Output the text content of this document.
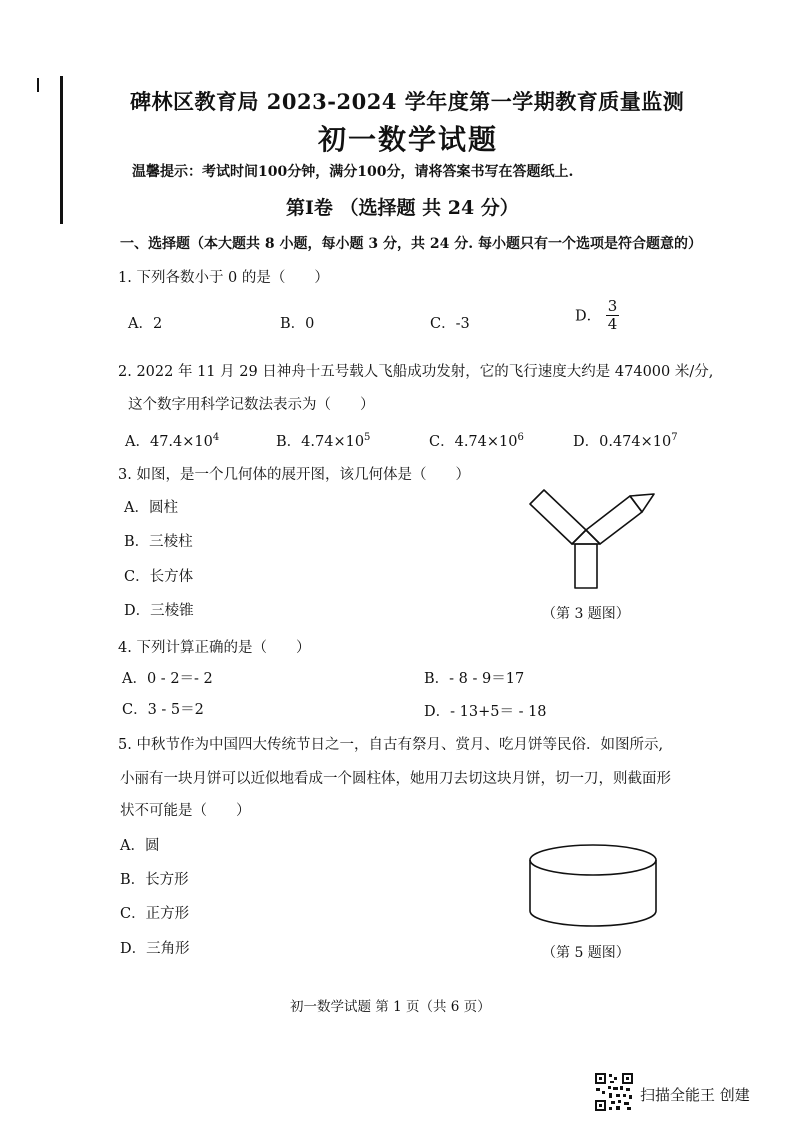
碑林区教育局 2023-2024 学年度第一学期教育质量监测
初一数学试题
温馨提示：考试时间100分钟，满分100分，请将答案书写在答题纸上.
第Ⅰ卷 （选择题 共 24 分）
一、选择题（本大题共 8 小题，每小题 3 分，共 24 分. 每小题只有一个选项是符合题意的）
1. 下列各数小于 0 的是（　　）
A．2	B．0	C．-3	D． $\frac{3}{4}$
2. 2022 年 11 月 29 日神舟十五号载人飞船成功发射，它的飞行速度大约是 474000 米/分,
这个数字用科学记数法表示为（　　）
A．$47.4\times 10^4$	B．$4.74\times 10^5$	C．$4.74\times 10^6$	D．$0.474\times 10^7$
3. 如图，是一个几何体的展开图，该几何体是（　　）
A．圆柱
B．三棱柱
C．长方体
D．三棱锥	（第 3 题图）
4. 下列计算正确的是（　　）
A．0 - 2＝- 2	B．- 8 - 9＝17
C．3 - 5＝2	D．- 13+5＝ - 18
5. 中秋节作为中国四大传统节日之一，自古有祭月、赏月、吃月饼等民俗．如图所示,
小丽有一块月饼可以近似地看成一个圆柱体，她用刀去切这块月饼，切一刀，则截面形
状不可能是（　　）
A．圆
B．长方形
C．正方形
D．三角形	（第 5 题图）
初一数学试题 第 1 页（共 6 页）
扫描全能王 创建
